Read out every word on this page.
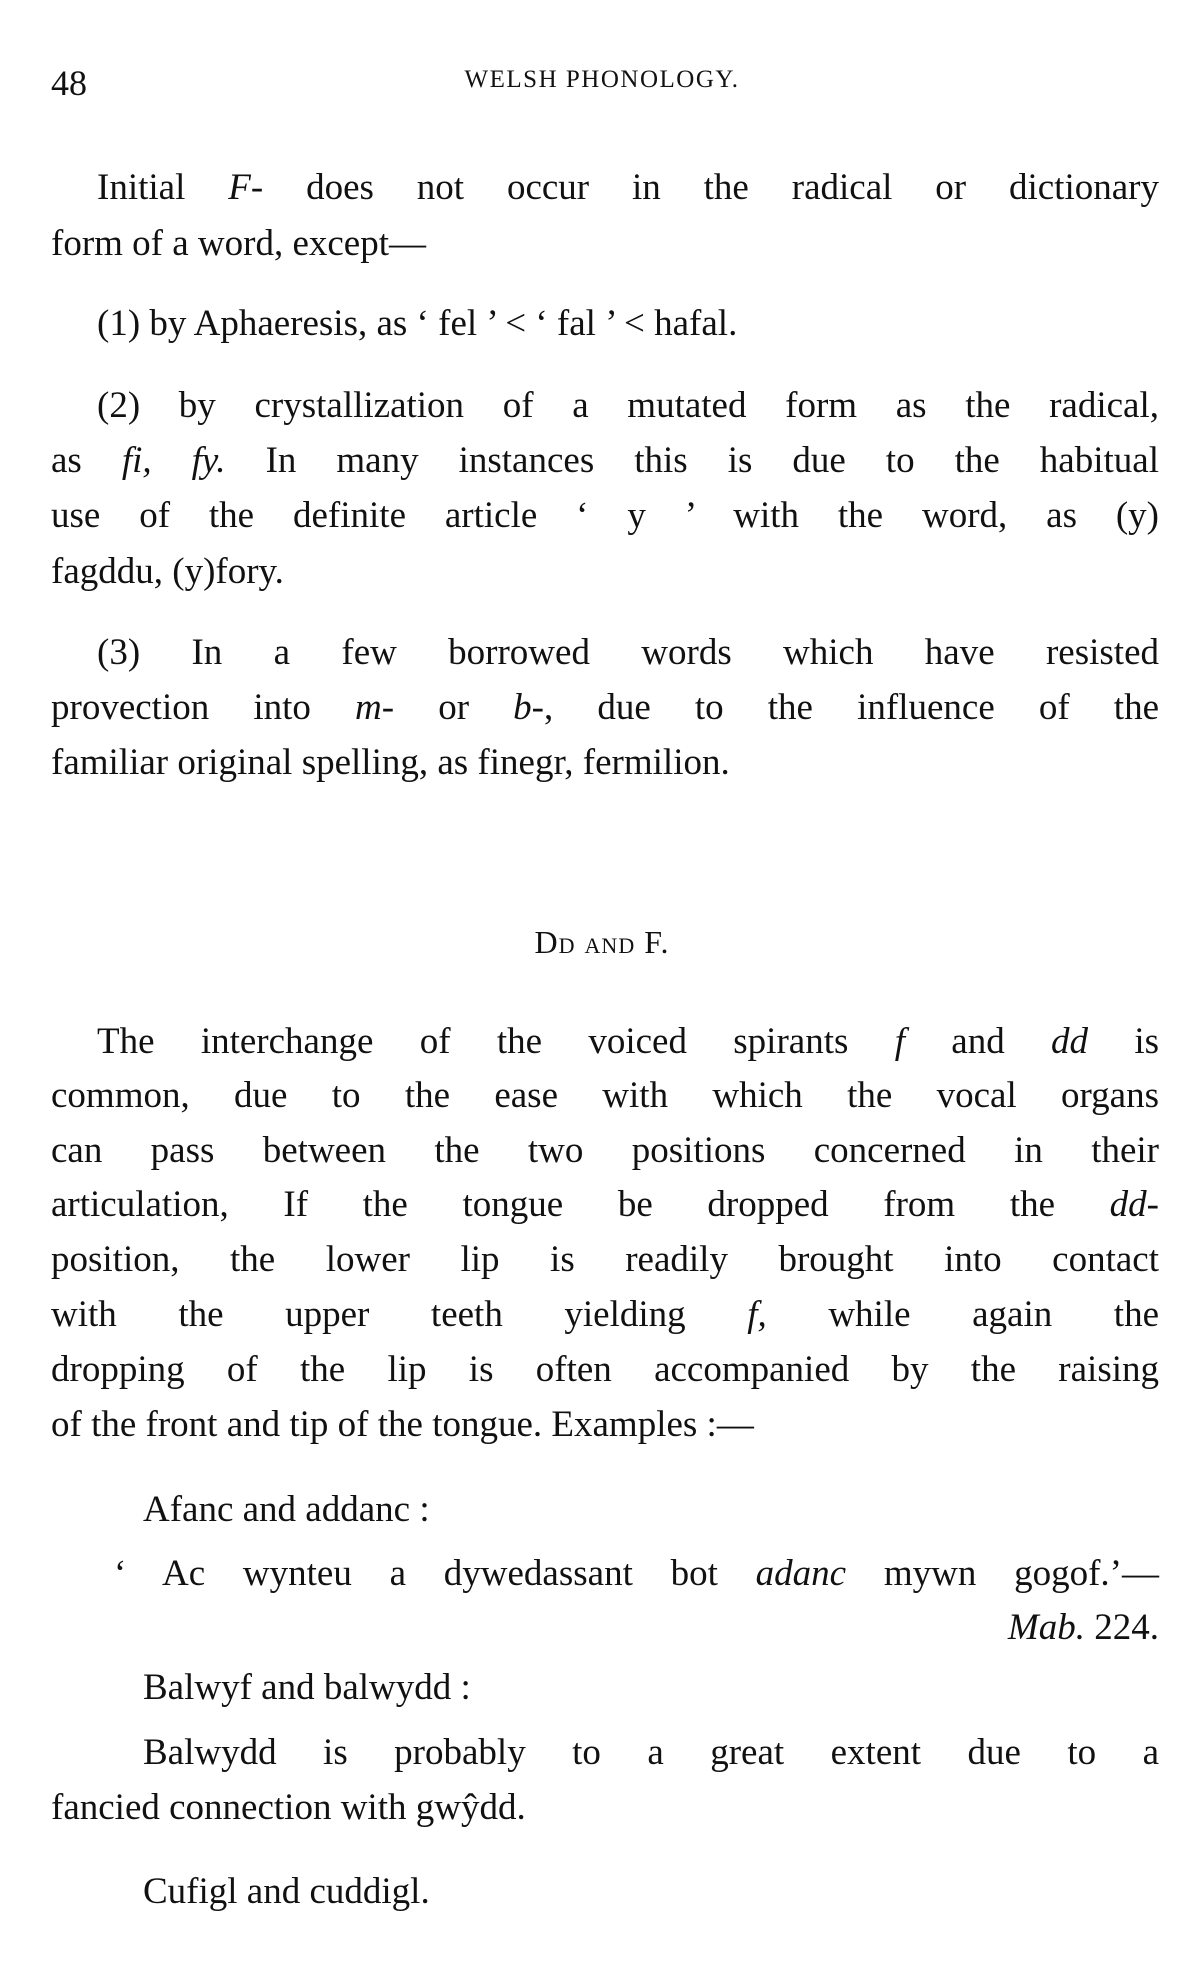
48	WELSH PHONOLOGY.
Dd and F.
Initial F- does not occur in the radical or dictionary
form of a word, except—
(1) by Aphaeresis, as ‘ fel ’ < ‘ fal ’ < hafal.
(2) by crystallization of a mutated form as the radical,
as fi, fy. In many instances this is due to the habitual
use of the definite article ‘ y ’ with the word, as (y)
fagddu, (y)fory.
(3) In a few borrowed words which have resisted
provection into m- or b-, due to the influence of the
familiar original spelling, as finegr, fermilion.
The interchange of the voiced spirants f and dd is
common, due to the ease with which the vocal organs
can pass between the two positions concerned in their
articulation, If the tongue be dropped from the dd-
position, the lower lip is readily brought into contact
with the upper teeth yielding f, while again the
dropping of the lip is often accompanied by the raising
of the front and tip of the tongue. Examples :—
Afanc and addanc :
‘ Ac wynteu a dywedassant bot adanc mywn gogof.’—
Mab. 224.
Balwyf and balwydd :
Balwydd is probably to a great extent due to a
fancied connection with gwŷdd.
Cufigl and cuddigl.
